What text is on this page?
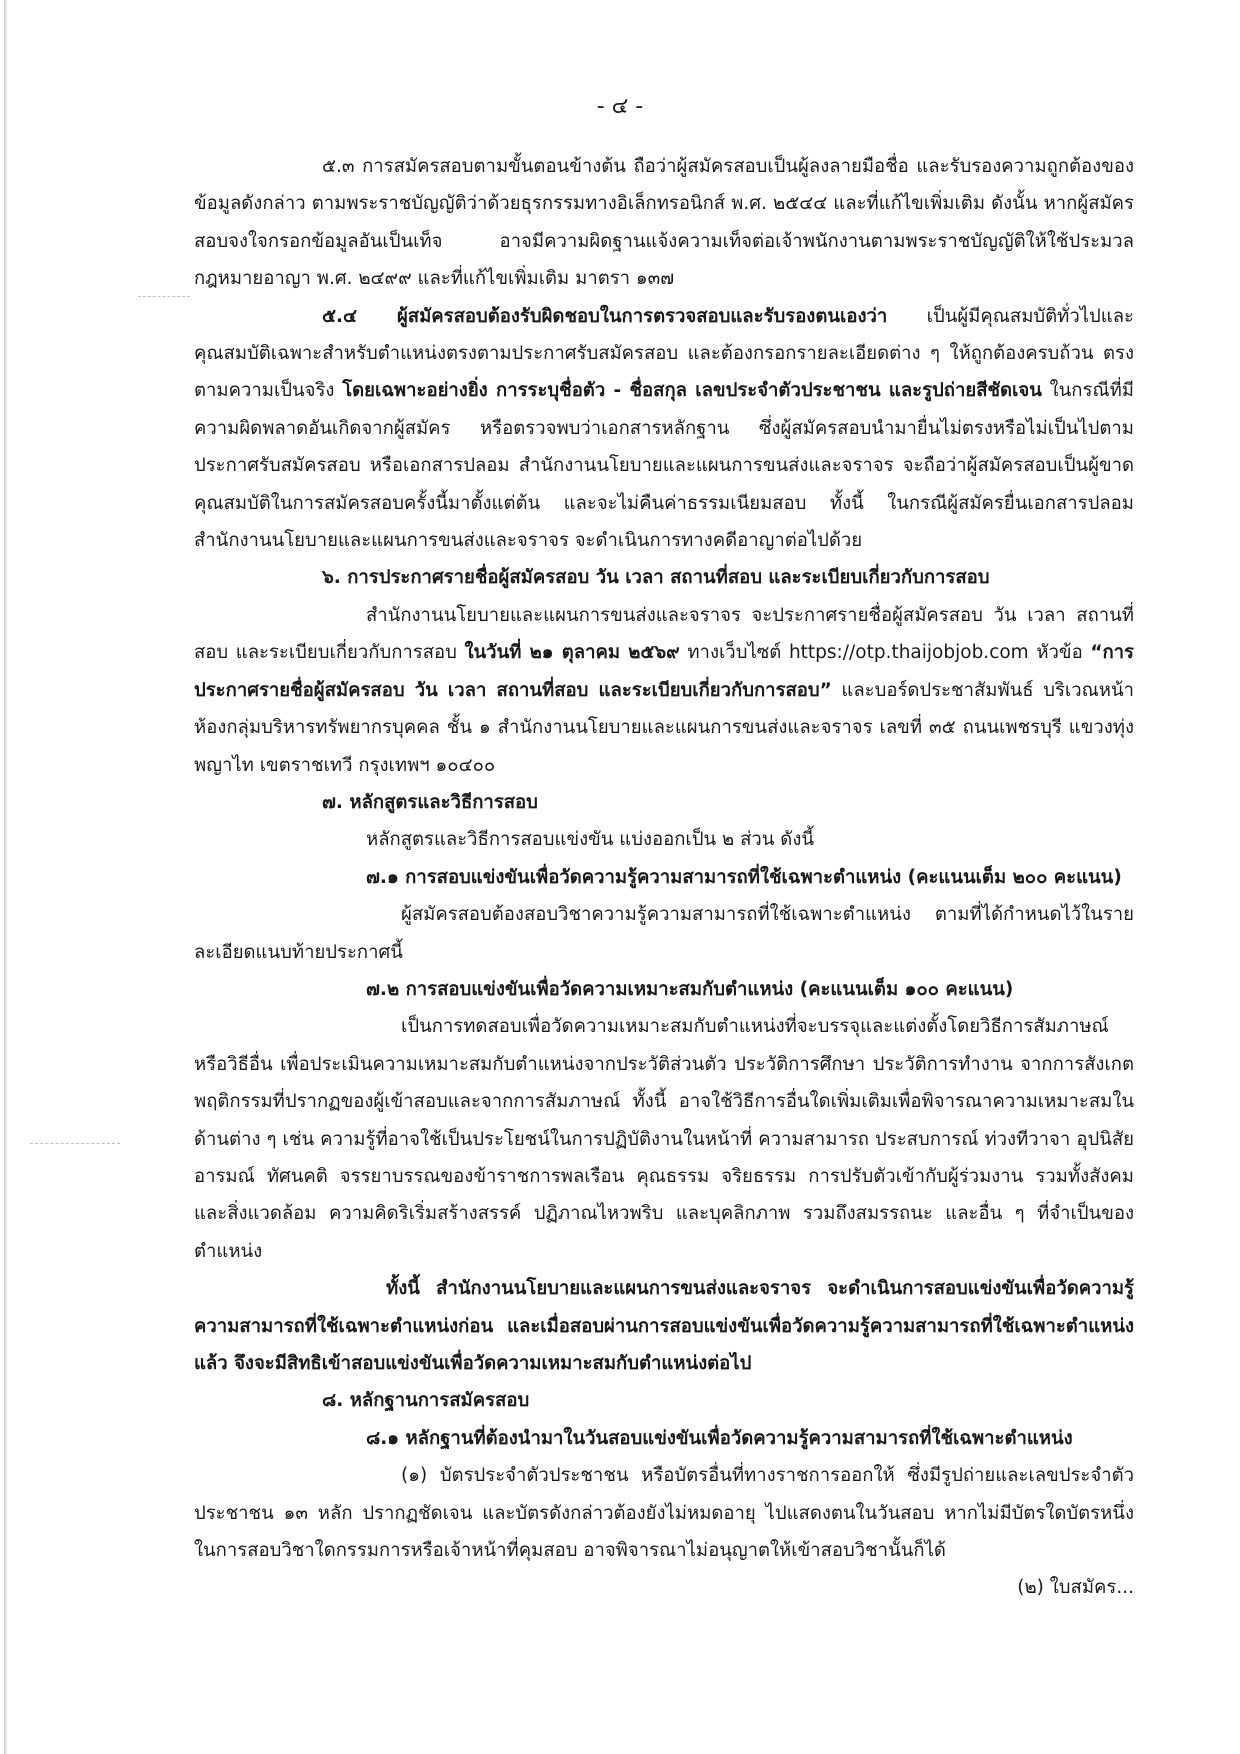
- ๔ -

๕.๓ การสมัครสอบตามขั้นตอนข้างต้น ถือว่าผู้สมัครสอบเป็นผู้ลงลายมือชื่อ และรับรองความถูกต้องของข้อมูลดังกล่าว ตามพระราชบัญญัติว่าด้วยธุรกรรมทางอิเล็กทรอนิกส์ พ.ศ. ๒๕๔๔ และที่แก้ไขเพิ่มเติม ดังนั้น หากผู้สมัครสอบจงใจกรอกข้อมูลอันเป็นเท็จ อาจมีความผิดฐานแจ้งความเท็จต่อเจ้าพนักงานตามพระราชบัญญัติให้ใช้ประมวลกฎหมายอาญา พ.ศ. ๒๔๙๙ และที่แก้ไขเพิ่มเติม มาตรา ๑๓๗

๕.๔ ผู้สมัครสอบต้องรับผิดชอบในการตรวจสอบและรับรองตนเองว่า เป็นผู้มีคุณสมบัติทั่วไปและคุณสมบัติเฉพาะสำหรับตำแหน่งตรงตามประกาศรับสมัครสอบ และต้องกรอกรายละเอียดต่าง ๆ ให้ถูกต้องครบถ้วน ตรงตามความเป็นจริง โดยเฉพาะอย่างยิ่ง การระบุชื่อตัว - ชื่อสกุล เลขประจำตัวประชาชน และรูปถ่ายสีชัดเจน ในกรณีที่มีความผิดพลาดอันเกิดจากผู้สมัคร หรือตรวจพบว่าเอกสารหลักฐาน ซึ่งผู้สมัครสอบนำมายื่นไม่ตรงหรือไม่เป็นไปตามประกาศรับสมัครสอบ หรือเอกสารปลอม สำนักงานนโยบายและแผนการขนส่งและจราจร จะถือว่าผู้สมัครสอบเป็นผู้ขาดคุณสมบัติในการสมัครสอบครั้งนี้มาตั้งแต่ต้น และจะไม่คืนค่าธรรมเนียมสอบ ทั้งนี้ ในกรณีผู้สมัครยื่นเอกสารปลอม สำนักงานนโยบายและแผนการขนส่งและจราจร จะดำเนินการทางคดีอาญาต่อไปด้วย

๖. การประกาศรายชื่อผู้สมัครสอบ วัน เวลา สถานที่สอบ และระเบียบเกี่ยวกับการสอบ

สำนักงานนโยบายและแผนการขนส่งและจราจร จะประกาศรายชื่อผู้สมัครสอบ วัน เวลา สถานที่สอบ และระเบียบเกี่ยวกับการสอบ ในวันที่ ๒๑ ตุลาคม ๒๕๖๙ ทางเว็บไซต์ https://otp.thaijobjob.com หัวข้อ “การประกาศรายชื่อผู้สมัครสอบ วัน เวลา สถานที่สอบ และระเบียบเกี่ยวกับการสอบ” และบอร์ดประชาสัมพันธ์ บริเวณหน้าห้องกลุ่มบริหารทรัพยากรบุคคล ชั้น ๑ สำนักงานนโยบายและแผนการขนส่งและจราจร เลขที่ ๓๕ ถนนเพชรบุรี แขวงทุ่งพญาไท เขตราชเทวี กรุงเทพฯ ๑๐๔๐๐

๗. หลักสูตรและวิธีการสอบ

หลักสูตรและวิธีการสอบแข่งขัน แบ่งออกเป็น ๒ ส่วน ดังนี้

๗.๑ การสอบแข่งขันเพื่อวัดความรู้ความสามารถที่ใช้เฉพาะตำแหน่ง (คะแนนเต็ม ๒๐๐ คะแนน)

ผู้สมัครสอบต้องสอบวิชาความรู้ความสามารถที่ใช้เฉพาะตำแหน่ง ตามที่ได้กำหนดไว้ในรายละเอียดแนบท้ายประกาศนี้

๗.๒ การสอบแข่งขันเพื่อวัดความเหมาะสมกับตำแหน่ง (คะแนนเต็ม ๑๐๐ คะแนน)

เป็นการทดสอบเพื่อวัดความเหมาะสมกับตำแหน่งที่จะบรรจุและแต่งตั้งโดยวิธีการสัมภาษณ์หรือวิธีอื่น เพื่อประเมินความเหมาะสมกับตำแหน่งจากประวัติส่วนตัว ประวัติการศึกษา ประวัติการทำงาน จากการสังเกตพฤติกรรมที่ปรากฏของผู้เข้าสอบและจากการสัมภาษณ์ ทั้งนี้ อาจใช้วิธีการอื่นใดเพิ่มเติมเพื่อพิจารณาความเหมาะสมในด้านต่าง ๆ เช่น ความรู้ที่อาจใช้เป็นประโยชน์ในการปฏิบัติงานในหน้าที่ ความสามารถ ประสบการณ์ ท่วงทีวาจา อุปนิสัย อารมณ์ ทัศนคติ จรรยาบรรณของข้าราชการพลเรือน คุณธรรม จริยธรรม การปรับตัวเข้ากับผู้ร่วมงาน รวมทั้งสังคม และสิ่งแวดล้อม ความคิดริเริ่มสร้างสรรค์ ปฏิภาณไหวพริบ และบุคลิกภาพ รวมถึงสมรรถนะ และอื่น ๆ ที่จำเป็นของตำแหน่ง

ทั้งนี้ สำนักงานนโยบายและแผนการขนส่งและจราจร จะดำเนินการสอบแข่งขันเพื่อวัดความรู้ความสามารถที่ใช้เฉพาะตำแหน่งก่อน และเมื่อสอบผ่านการสอบแข่งขันเพื่อวัดความรู้ความสามารถที่ใช้เฉพาะตำแหน่งแล้ว จึงจะมีสิทธิเข้าสอบแข่งขันเพื่อวัดความเหมาะสมกับตำแหน่งต่อไป

๘. หลักฐานการสมัครสอบ

๘.๑ หลักฐานที่ต้องนำมาในวันสอบแข่งขันเพื่อวัดความรู้ความสามารถที่ใช้เฉพาะตำแหน่ง

(๑) บัตรประจำตัวประชาชน หรือบัตรอื่นที่ทางราชการออกให้ ซึ่งมีรูปถ่ายและเลขประจำตัวประชาชน ๑๓ หลัก ปรากฏชัดเจน และบัตรดังกล่าวต้องยังไม่หมดอายุ ไปแสดงตนในวันสอบ หากไม่มีบัตรใดบัตรหนึ่ง ในการสอบวิชาใดกรรมการหรือเจ้าหน้าที่คุมสอบ อาจพิจารณาไม่อนุญาตให้เข้าสอบวิชานั้นก็ได้

(๒) ใบสมัคร...
